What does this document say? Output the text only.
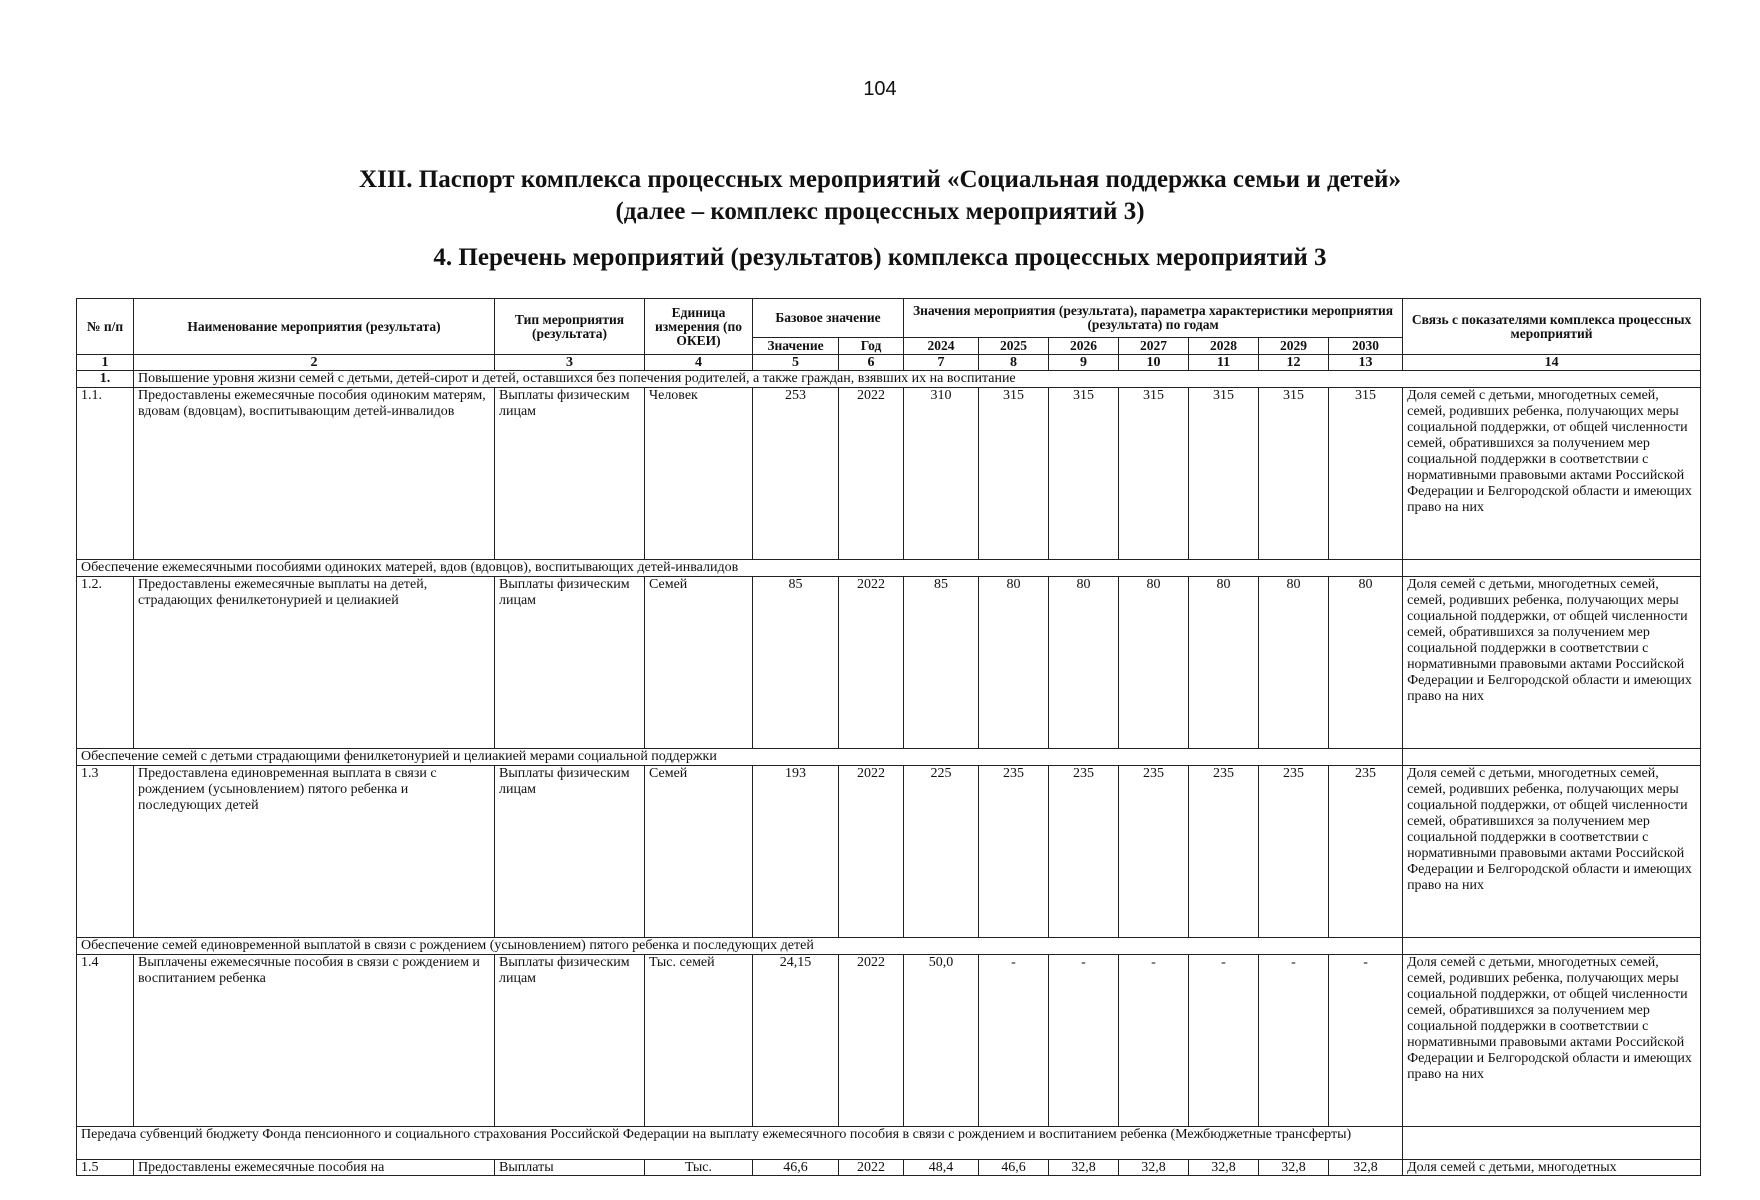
104
XIII. Паспорт комплекса процессных мероприятий «Социальная поддержка семьи и детей»
(далее – комплекс процессных мероприятий 3)
4. Перечень мероприятий (результатов) комплекса процессных мероприятий 3
№ п/п	Наименование мероприятия (результата)	Тип мероприятия (результата)	Единица измерения (по ОКЕИ)	Базовое значение		Значения мероприятия (результата), параметра характеристики мероприятия (результата) по годам							Связь с показателями комплекса процессных мероприятий
				Значение	Год	2024	2025	2026	2027	2028	2029	2030	
1	2	3	4	5	6	7	8	9	10	11	12	13	14
1.	Повышение уровня жизни семей с детьми, детей-сирот и детей, оставшихся без попечения родителей, а также граждан, взявших их на воспитание												
1.1.	Предоставлены ежемесячные пособия одиноким матерям, вдовам (вдовцам), воспитывающим детей-инвалидов	Выплаты физическим лицам	Человек	253	2022	310	315	315	315	315	315	315	Доля семей с детьми, многодетных семей, семей, родивших ребенка, получающих меры социальной поддержки, от общей численности семей, обратившихся за получением мер социальной поддержки в соответствии с нормативными правовыми актами Российской Федерации и Белгородской области и имеющих право на них
Обеспечение ежемесячными пособиями одиноких матерей, вдов (вдовцов), воспитывающих детей-инвалидов													
1.2.	Предоставлены ежемесячные выплаты на детей, страдающих фенилкетонурией и целиакией	Выплаты физическим лицам	Семей	85	2022	85	80	80	80	80	80	80	Доля семей с детьми, многодетных семей, семей, родивших ребенка, получающих меры социальной поддержки, от общей численности семей, обратившихся за получением мер социальной поддержки в соответствии с нормативными правовыми актами Российской Федерации и Белгородской области и имеющих право на них
Обеспечение семей с детьми страдающими фенилкетонурией и целиакией мерами социальной поддержки													
1.3	Предоставлена единовременная выплата в связи с рождением (усыновлением) пятого ребенка и последующих детей	Выплаты физическим лицам	Семей	193	2022	225	235	235	235	235	235	235	Доля семей с детьми, многодетных семей, семей, родивших ребенка, получающих меры социальной поддержки, от общей численности семей, обратившихся за получением мер социальной поддержки в соответствии с нормативными правовыми актами Российской Федерации и Белгородской области и имеющих право на них
Обеспечение семей единовременной выплатой в связи с рождением (усыновлением) пятого ребенка и последующих детей													
1.4	Выплачены ежемесячные пособия в связи с рождением и воспитанием ребенка	Выплаты физическим лицам	Тыс. семей	24,15	2022	50,0	-	-	-	-	-	-	Доля семей с детьми, многодетных семей, семей, родивших ребенка, получающих меры социальной поддержки, от общей численности семей, обратившихся за получением мер социальной поддержки в соответствии с нормативными правовыми актами Российской Федерации и Белгородской области и имеющих право на них
Передача субвенций бюджету Фонда пенсионного и социального страхования Российской Федерации на выплату ежемесячного пособия в связи с рождением и воспитанием ребенка (Межбюджетные трансферты)													
1.5	Предоставлены ежемесячные пособия на	Выплаты	Тыс.	46,6	2022	48,4	46,6	32,8	32,8	32,8	32,8	32,8	Доля семей с детьми, многодетных
